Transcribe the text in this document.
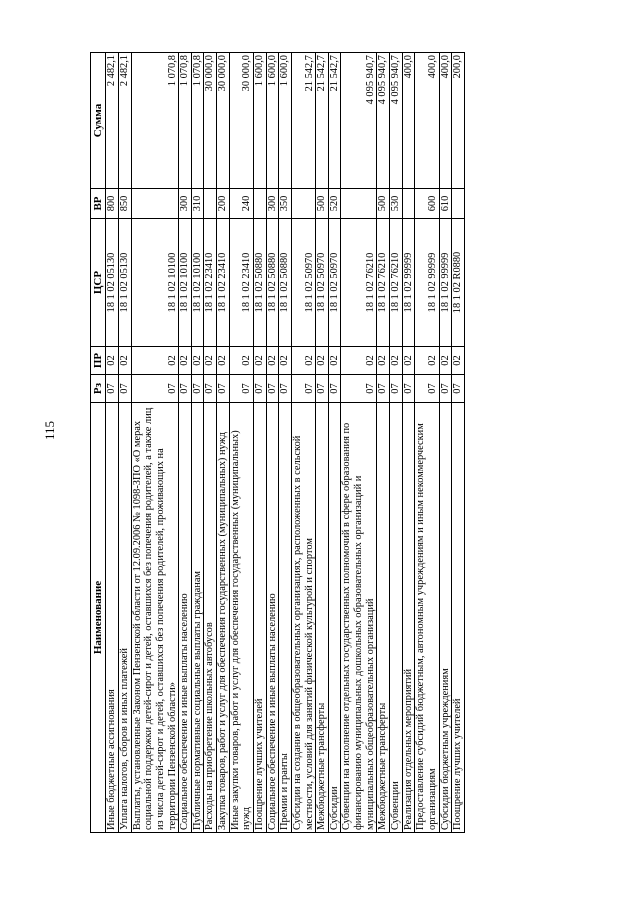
115
Наименование	Рз	ПР	ЦСР	ВР	Сумма
Иные бюджетные ассигнования	07	02	18 1 02 05130	800	2 482,1
Уплата налогов, сборов и иных платежей	07	02	18 1 02 05130	850	2 482,1
Выплаты, установленные Законом Пензенской области от 12.09.2006 № 1098-ЗПО «О мерах социальной поддержки детей-сирот и детей, оставшихся без попечения родителей, а также лиц из числа детей-сирот и детей, оставшихся без попечения родителей, проживающих на территории Пензенской области»	07	02	18 1 02 10100		1 070,8
Социальное обеспечение и иные выплаты населению	07	02	18 1 02 10100	300	1 070,8
Публичные нормативные социальные выплаты гражданам	07	02	18 1 02 10100	310	1 070,8
Расходы на приобретение школьных автобусов	07	02	18 1 02 23410		30 000,0
Закупка товаров, работ и услуг для обеспечения государственных (муниципальных) нужд	07	02	18 1 02 23410	200	30 000,0
Иные закупки товаров, работ и услуг для обеспечения государственных (муниципальных) нужд	07	02	18 1 02 23410	240	30 000,0
Поощрение лучших учителей	07	02	18 1 02 50880		1 600,0
Социальное обеспечение и иные выплаты населению	07	02	18 1 02 50880	300	1 600,0
Премии и гранты	07	02	18 1 02 50880	350	1 600,0
Субсидии на создание в общеобразовательных организациях, расположенных в сельской местности, условий для занятий физической культурой и спортом	07	02	18 1 02 50970		21 542,7
Межбюджетные трансферты	07	02	18 1 02 50970	500	21 542,7
Субсидии	07	02	18 1 02 50970	520	21 542,7
Субвенции на исполнение отдельных государственных полномочий в сфере образования по финансированию муниципальных дошкольных образовательных организаций и муниципальных общеобразовательных организаций	07	02	18 1 02 76210		4 095 940,7
Межбюджетные трансферты	07	02	18 1 02 76210	500	4 095 940,7
Субвенции	07	02	18 1 02 76210	530	4 095 940,7
Реализация отдельных мероприятий	07	02	18 1 02 99999		400,0
Предоставление субсидий бюджетным, автономным учреждениям и иным некоммерческим организациям	07	02	18 1 02 99999	600	400,0
Субсидии бюджетным учреждениям	07	02	18 1 02 99999	610	400,0
Поощрение лучших учителей	07	02	18 1 02 R0880		200,0
